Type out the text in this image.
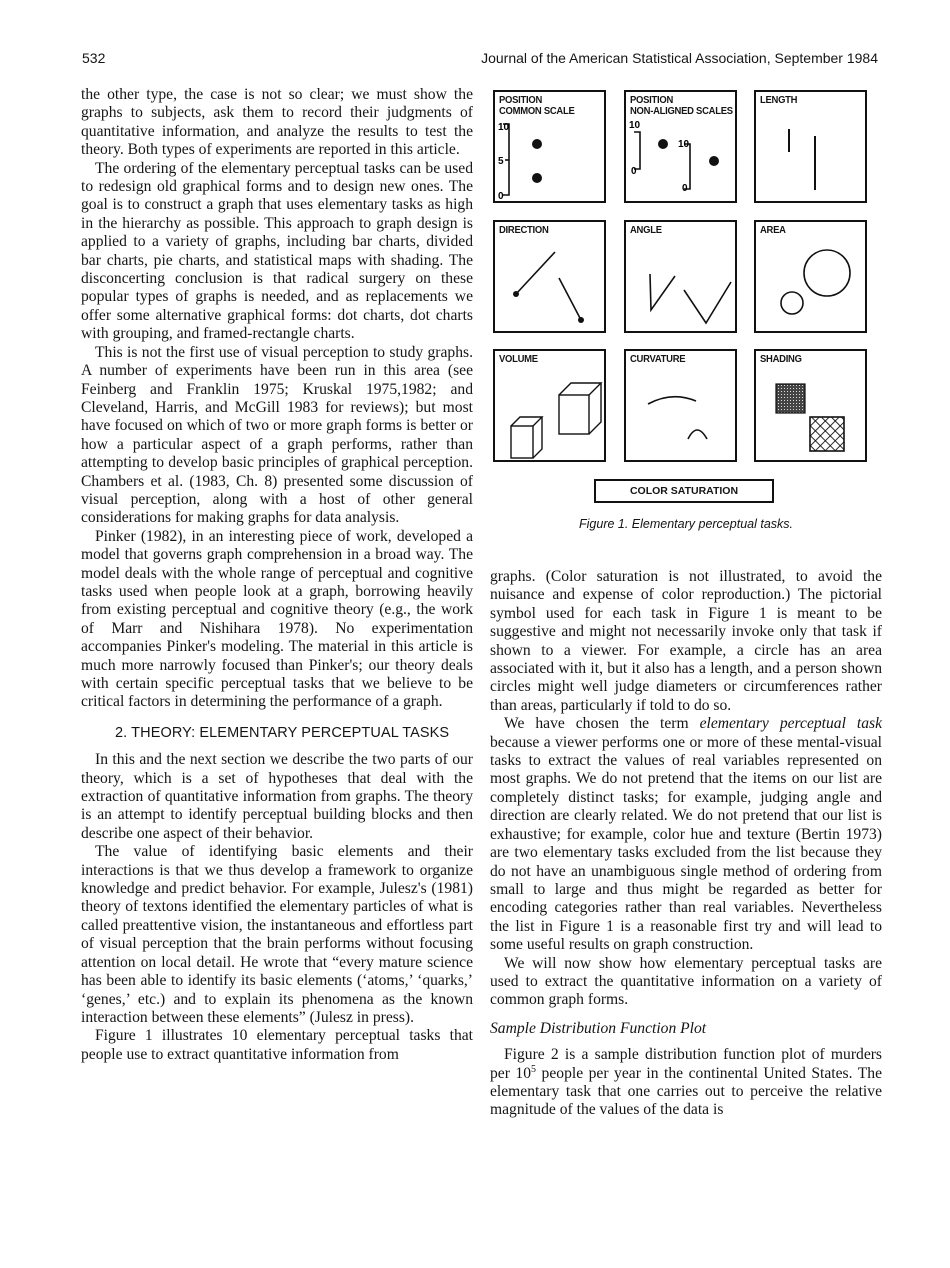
532	Journal of the American Statistical Association, September 1984

the other type, the case is not so clear; we must show the graphs to subjects, ask them to record their judgments of quantitative information, and analyze the results to test the theory. Both types of experiments are reported in this article.

The ordering of the elementary perceptual tasks can be used to redesign old graphical forms and to design new ones. The goal is to construct a graph that uses elementary tasks as high in the hierarchy as possible. This approach to graph design is applied to a variety of graphs, including bar charts, divided bar charts, pie charts, and statistical maps with shading. The disconcerting conclusion is that radical surgery on these popular types of graphs is needed, and as replacements we offer some alternative graphical forms: dot charts, dot charts with grouping, and framed-rectangle charts.

This is not the first use of visual perception to study graphs. A number of experiments have been run in this area (see Feinberg and Franklin 1975; Kruskal 1975,1982; and Cleveland, Harris, and McGill 1983 for reviews); but most have focused on which of two or more graph forms is better or how a particular aspect of a graph performs, rather than attempting to develop basic principles of graphical perception. Chambers et al. (1983, Ch. 8) presented some discussion of visual perception, along with a host of other general considerations for making graphs for data analysis.

Pinker (1982), in an interesting piece of work, developed a model that governs graph comprehension in a broad way. The model deals with the whole range of perceptual and cognitive tasks used when people look at a graph, borrowing heavily from existing perceptual and cognitive theory (e.g., the work of Marr and Nishihara 1978). No experimentation accompanies Pinker's modeling. The material in this article is much more narrowly focused than Pinker's; our theory deals with certain specific perceptual tasks that we believe to be critical factors in determining the performance of a graph.

2. THEORY: ELEMENTARY PERCEPTUAL TASKS

In this and the next section we describe the two parts of our theory, which is a set of hypotheses that deal with the extraction of quantitative information from graphs. The theory is an attempt to identify perceptual building blocks and then describe one aspect of their behavior.

The value of identifying basic elements and their interactions is that we thus develop a framework to organize knowledge and predict behavior. For example, Julesz's (1981) theory of textons identified the elementary particles of what is called preattentive vision, the instantaneous and effortless part of visual perception that the brain performs without focusing attention on local detail. He wrote that “every mature science has been able to identify its basic elements (‘atoms,’ ‘quarks,’ ‘genes,’ etc.) and to explain its phenomena as the known interaction between these elements” (Julesz in press).

Figure 1 illustrates 10 elementary perceptual tasks that people use to extract quantitative information from

POSITION
COMMON SCALE
10
5
0
POSITION
NON-ALIGNED SCALES
10
0
10
0
LENGTH
DIRECTION	ANGLE	AREA
VOLUME	CURVATURE	SHADING
COLOR SATURATION
Figure 1. Elementary perceptual tasks.

graphs. (Color saturation is not illustrated, to avoid the nuisance and expense of color reproduction.) The pictorial symbol used for each task in Figure 1 is meant to be suggestive and might not necessarily invoke only that task if shown to a viewer. For example, a circle has an area associated with it, but it also has a length, and a person shown circles might well judge diameters or circumferences rather than areas, particularly if told to do so.

We have chosen the term elementary perceptual task because a viewer performs one or more of these mental-visual tasks to extract the values of real variables represented on most graphs. We do not pretend that the items on our list are completely distinct tasks; for example, judging angle and direction are clearly related. We do not pretend that our list is exhaustive; for example, color hue and texture (Bertin 1973) are two elementary tasks excluded from the list because they do not have an unambiguous single method of ordering from small to large and thus might be regarded as better for encoding categories rather than real variables. Nevertheless the list in Figure 1 is a reasonable first try and will lead to some useful results on graph construction.

We will now show how elementary perceptual tasks are used to extract the quantitative information on a variety of common graph forms.

Sample Distribution Function Plot

Figure 2 is a sample distribution function plot of murders per $10^5$ people per year in the continental United States. The elementary task that one carries out to perceive the relative magnitude of the values of the data is
